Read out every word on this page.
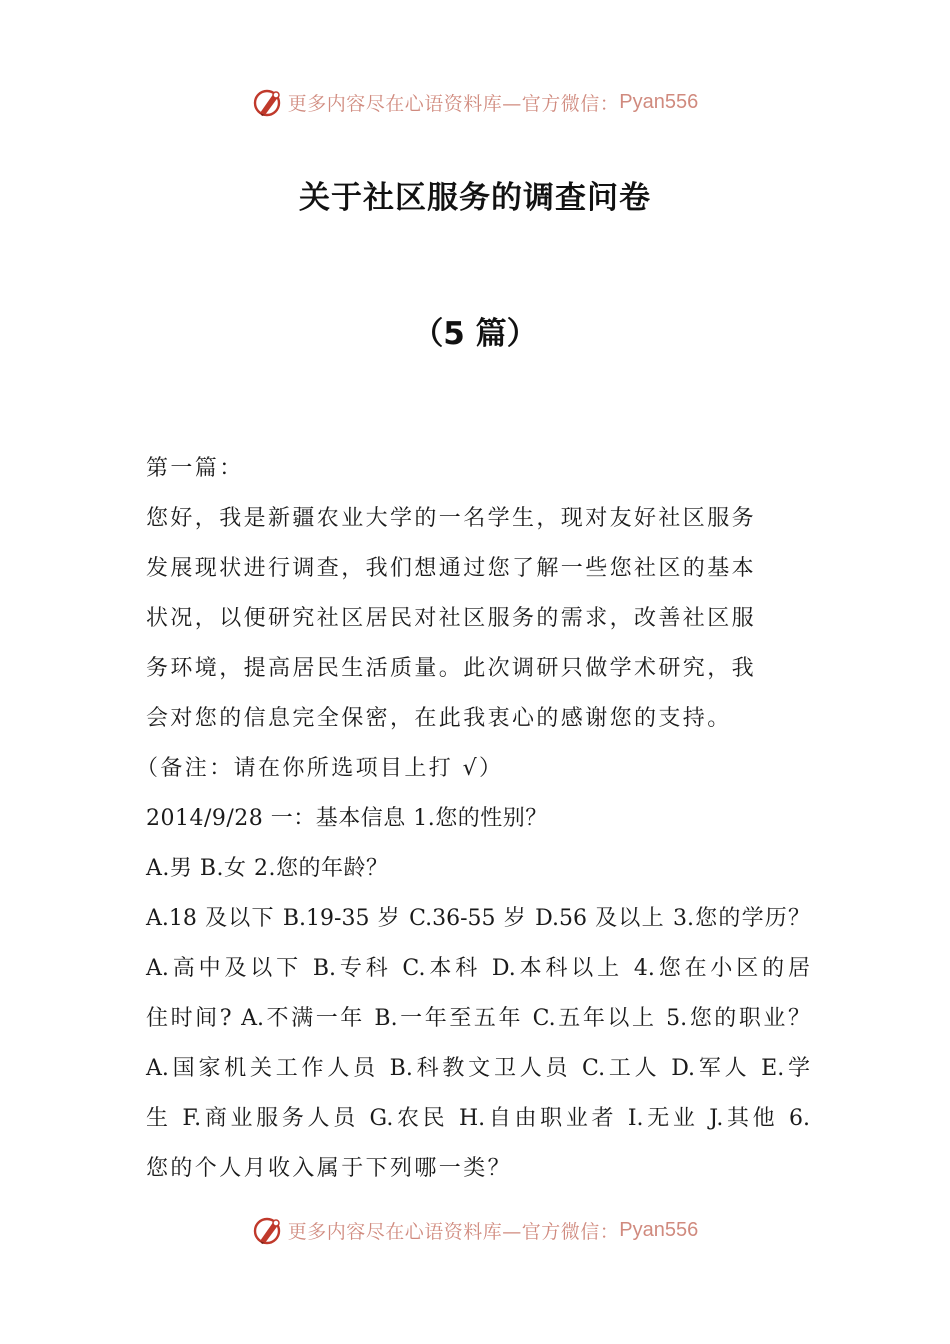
更多内容尽在心语资料库—官方微信： Pyan556
关于社区服务的调查问卷
（5 篇）
第一篇：
您好，我是新疆农业大学的一名学生，现对友好社区服务
发展现状进行调查，我们想通过您了解一些您社区的基本
状况，以便研究社区居民对社区服务的需求，改善社区服
务环境，提高居民生活质量。此次调研只做学术研究，我
会对您的信息完全保密，在此我衷心的感谢您的支持。
（备注：请在你所选项目上打 √）
2014/9/28 一：基本信息 1.您的性别？
A.男 B.女 2.您的年龄？
A.18 及以下 B.19-35 岁 C.36-55 岁 D.56 及以上 3.您的学历？
A.高中及以下 B.专科 C.本科 D.本科以上 4.您在小区的居
住时间? A.不满一年 B.一年至五年 C.五年以上 5.您的职业？
A.国家机关工作人员 B.科教文卫人员 C.工人 D.军人 E.学
生 F.商业服务人员 G.农民 H.自由职业者 I.无业 J.其他 6.
您的个人月收入属于下列哪一类？
更多内容尽在心语资料库—官方微信： Pyan556
